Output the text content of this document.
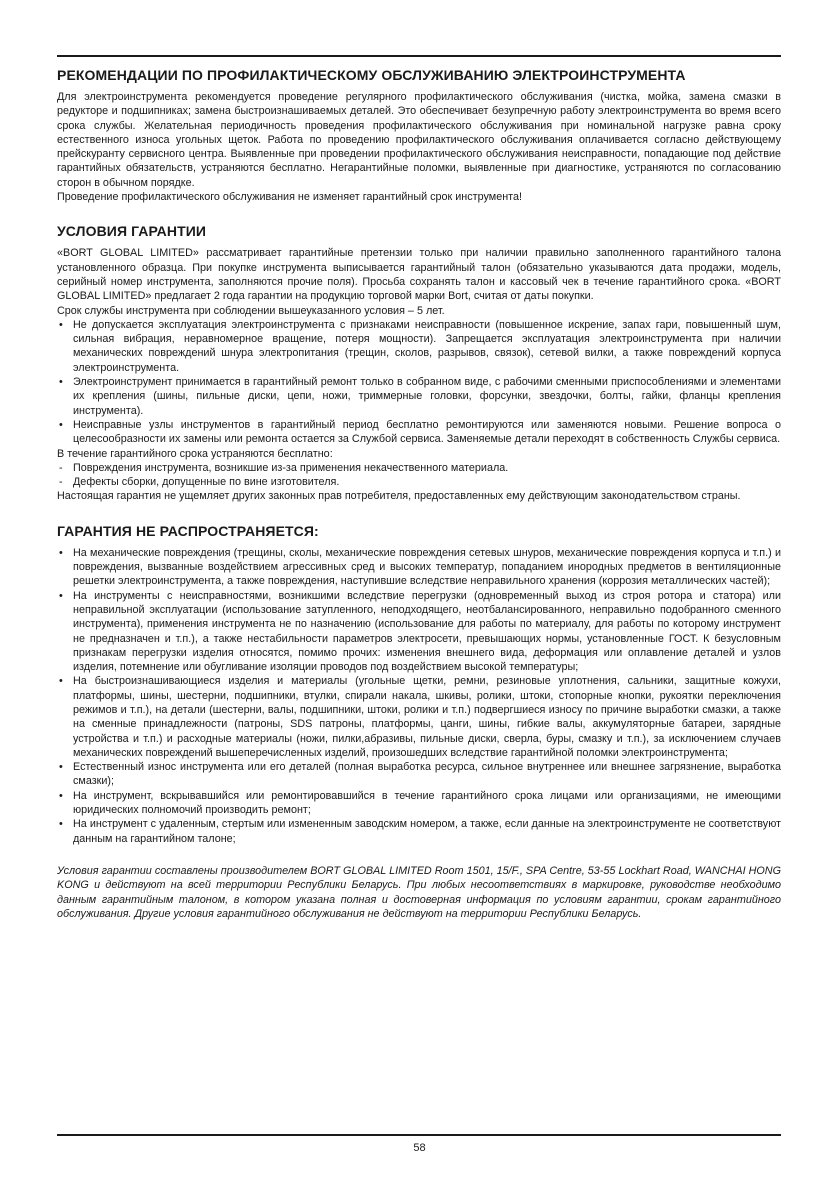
РЕКОМЕНДАЦИИ ПО ПРОФИЛАКТИЧЕСКОМУ ОБСЛУЖИВАНИЮ ЭЛЕКТРОИНСТРУМЕНТА

Для электроинструмента рекомендуется проведение регулярного профилактического обслуживания (чистка, мойка, замена смазки в редукторе и подшипниках; замена быстроизнашиваемых деталей. Это обеспечивает безупречную работу электроинструмента во время всего срока службы. Желательная периодичность проведения профилактического обслуживания при номинальной нагрузке равна сроку естественного износа угольных щеток. Работа по проведению профилактического обслуживания оплачивается согласно действующему прейскуранту сервисного центра. Выявленные при проведении профилактического обслуживания неисправности, попадающие под действие гарантийных обязательств, устраняются бесплатно. Негарантийные поломки, выявленные при диагностике, устраняются по согласованию сторон в обычном порядке.

Проведение профилактического обслуживания не изменяет гарантийный срок инструмента!

УСЛОВИЯ ГАРАНТИИ

«BORT GLOBAL LIMITED» рассматривает гарантийные претензии только при наличии правильно заполненного гарантийного талона установленного образца. При покупке инструмента выписывается гарантийный талон (обязательно указываются дата продажи, модель, серийный номер инструмента, заполняются прочие поля). Просьба сохранять талон и кассовый чек в течение гарантийного срока. «BORT GLOBAL LIMITED» предлагает 2 года гарантии на продукцию торговой марки Bort, считая от даты покупки.

Срок службы инструмента при соблюдении вышеуказанного условия – 5 лет.

• Не допускается эксплуатация электроинструмента с признаками неисправности (повышенное искрение, запах гари, повышенный шум, сильная вибрация, неравномерное вращение, потеря мощности). Запрещается эксплуатация электроинструмента при наличии механических повреждений шнура электропитания (трещин, сколов, разрывов, связок), сетевой вилки, а также повреждений корпуса электроинструмента.
• Электроинструмент принимается в гарантийный ремонт только в собранном виде, с рабочими сменными приспособлениями и элементами их крепления (шины, пильные диски, цепи, ножи, триммерные головки, форсунки, звездочки, болты, гайки, фланцы крепления инструмента).
• Неисправные узлы инструментов в гарантийный период бесплатно ремонтируются или заменяются новыми. Решение вопроса о целесообразности их замены или ремонта остается за Службой сервиса. Заменяемые детали переходят в собственность Службы сервиса.

В течение гарантийного срока устраняются бесплатно:

- Повреждения инструмента, возникшие из-за применения некачественного материала.
- Дефекты сборки, допущенные по вине изготовителя.

Настоящая гарантия не ущемляет других законных прав потребителя, предоставленных ему действующим законодательством страны.

ГАРАНТИЯ НЕ РАСПРОСТРАНЯЕТСЯ:
• На механические повреждения (трещины, сколы, механические повреждения сетевых шнуров, механические повреждения корпуса и т.п.) и повреждения, вызванные воздействием агрессивных сред и высоких температур, попаданием инородных предметов в вентиляционные решетки электроинструмента, а также повреждения, наступившие вследствие неправильного хранения (коррозия металлических частей);
• На инструменты с неисправностями, возникшими вследствие перегрузки (одновременный выход из строя ротора и статора) или неправильной эксплуатации (использование затупленного, неподходящего, неотбалансированного, неправильно подобранного сменного инструмента), применения инструмента не по назначению (использование для работы по материалу, для работы по которому инструмент не предназначен и т.п.), а также нестабильности параметров электросети, превышающих нормы, установленные ГОСТ. К безусловным признакам перегрузки изделия относятся, помимо прочих: изменения внешнего вида, деформация или оплавление деталей и узлов изделия, потемнение или обугливание изоляции проводов под воздействием высокой температуры;
• На быстроизнашивающиеся изделия и материалы (угольные щетки, ремни, резиновые уплотнения, сальники, защитные кожухи, платформы, шины, шестерни, подшипники, втулки, спирали накала, шкивы, ролики, штоки, стопорные кнопки, рукоятки переключения режимов и т.п.), на детали (шестерни, валы, подшипники, штоки, ролики и т.п.) подвергшиеся износу по причине выработки смазки, а также на сменные принадлежности (патроны, SDS патроны, платформы, цанги, шины, гибкие валы, аккумуляторные батареи, зарядные устройства и т.п.) и расходные материалы (ножи, пилки,абразивы, пильные диски, сверла, буры, смазку и т.п.), за исключением случаев механических повреждений вышеперечисленных изделий, произошедших вследствие гарантийной поломки электроинструмента;
• Естественный износ инструмента или его деталей (полная выработка ресурса, сильное внутреннее или внешнее загрязнение, выработка смазки);
• На инструмент, вскрывавшийся или ремонтировавшийся в течение гарантийного срока лицами или организациями, не имеющими юридических полномочий производить ремонт;
• На инструмент с удаленным, стертым или измененным заводским номером, а также, если данные на электроинструменте не соответствуют данным на гарантийном талоне;

Условия гарантии составлены производителем BORT GLOBAL LIMITED Room 1501, 15/F., SPA Centre, 53-55 Lockhart Road, WANCHAI HONG KONG и действуют на всей территории Республики Беларусь. При любых несоответствиях в маркировке, руководстве необходимо данным гарантийным талоном, в котором указана полная и достоверная информация по условиям гарантии, срокам гарантийного обслуживания. Другие условия гарантийного обслуживания не действуют на территории Республики Беларусь.

58
